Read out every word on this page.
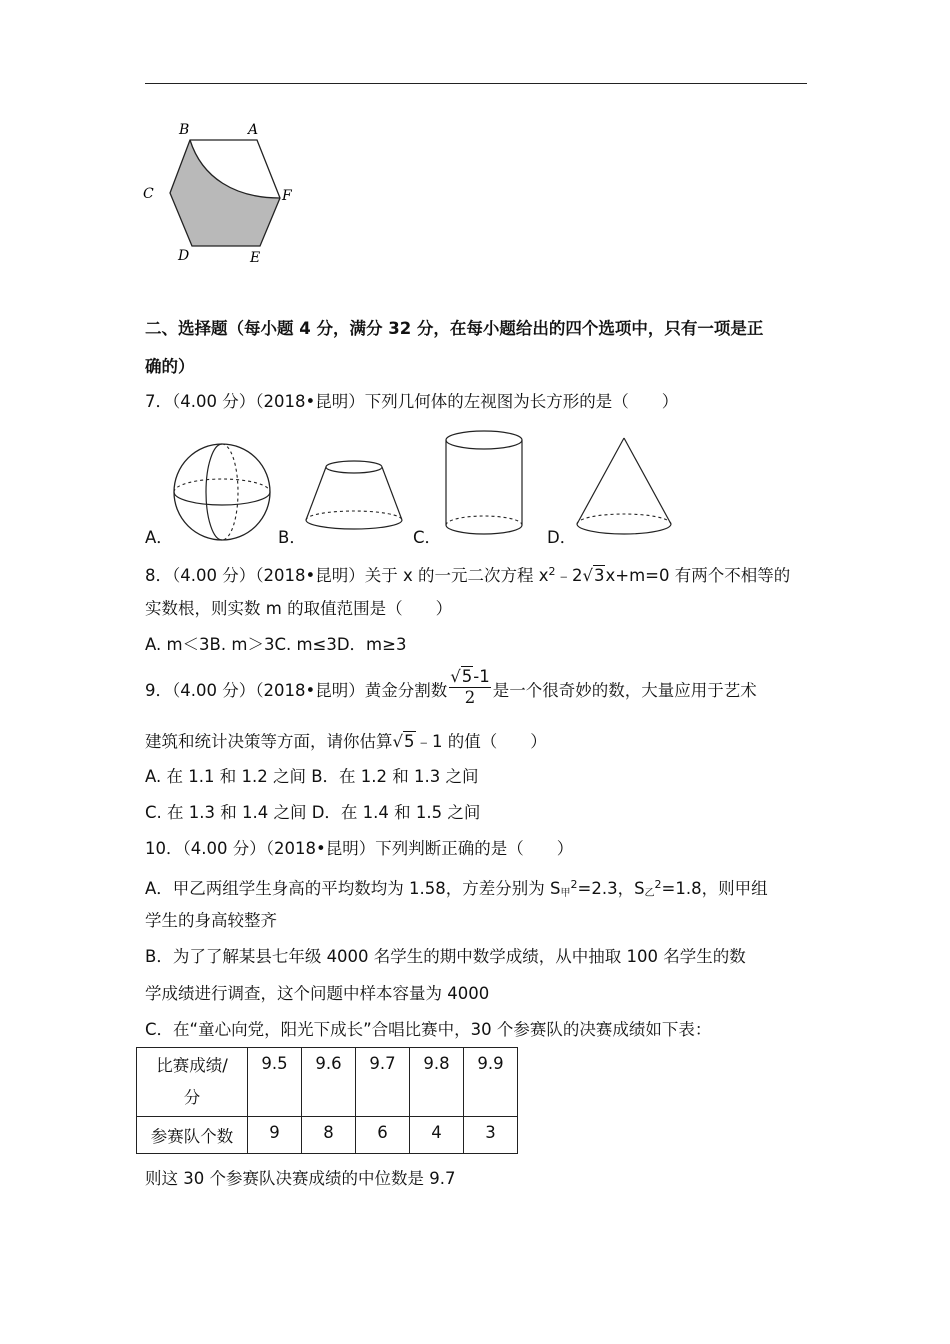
B	A
C	F
D	E
二、选择题（每小题 4 分，满分 32 分，在每小题给出的四个选项中，只有一项是正
确的）
7．（4.00 分）（2018•昆明）下列几何体的左视图为长方形的是（　　）
A．	B．	C．	D．
8．（4.00 分）（2018•昆明）关于 x 的一元二次方程 $x^2﹣2√3x+m=0$ 有两个不相等的
实数根，则实数 m 的取值范围是（　　）
A. m＜3B. m＞3C. m≤3D．m≥3
9．（4.00 分）（2018•昆明）黄金分割数 $\frac{√5-1}{2}$ 是一个很奇妙的数，大量应用于艺术
建筑和统计决策等方面，请你估算√5﹣1 的值（　　）
A. 在 1.1 和 1.2 之间 B．在 1.2 和 1.3 之间
C. 在 1.3 和 1.4 之间 D．在 1.4 和 1.5 之间
10．（4.00 分）（2018•昆明）下列判断正确的是（　　）
A．甲乙两组学生身高的平均数均为 1.58，方差分别为 $S_甲^2=2.3$，$S_乙^2=1.8$，则甲组
学生的身高较整齐
B．为了了解某县七年级 4000 名学生的期中数学成绩，从中抽取 100 名学生的数
学成绩进行调查，这个问题中样本容量为 4000
C．在“童心向党，阳光下成长”合唱比赛中，30 个参赛队的决赛成绩如下表：
比赛成绩/
分	9.5	9.6	9.7	9.8	9.9
参赛队个数	9	8	6	4	3
则这 30 个参赛队决赛成绩的中位数是 9.7
